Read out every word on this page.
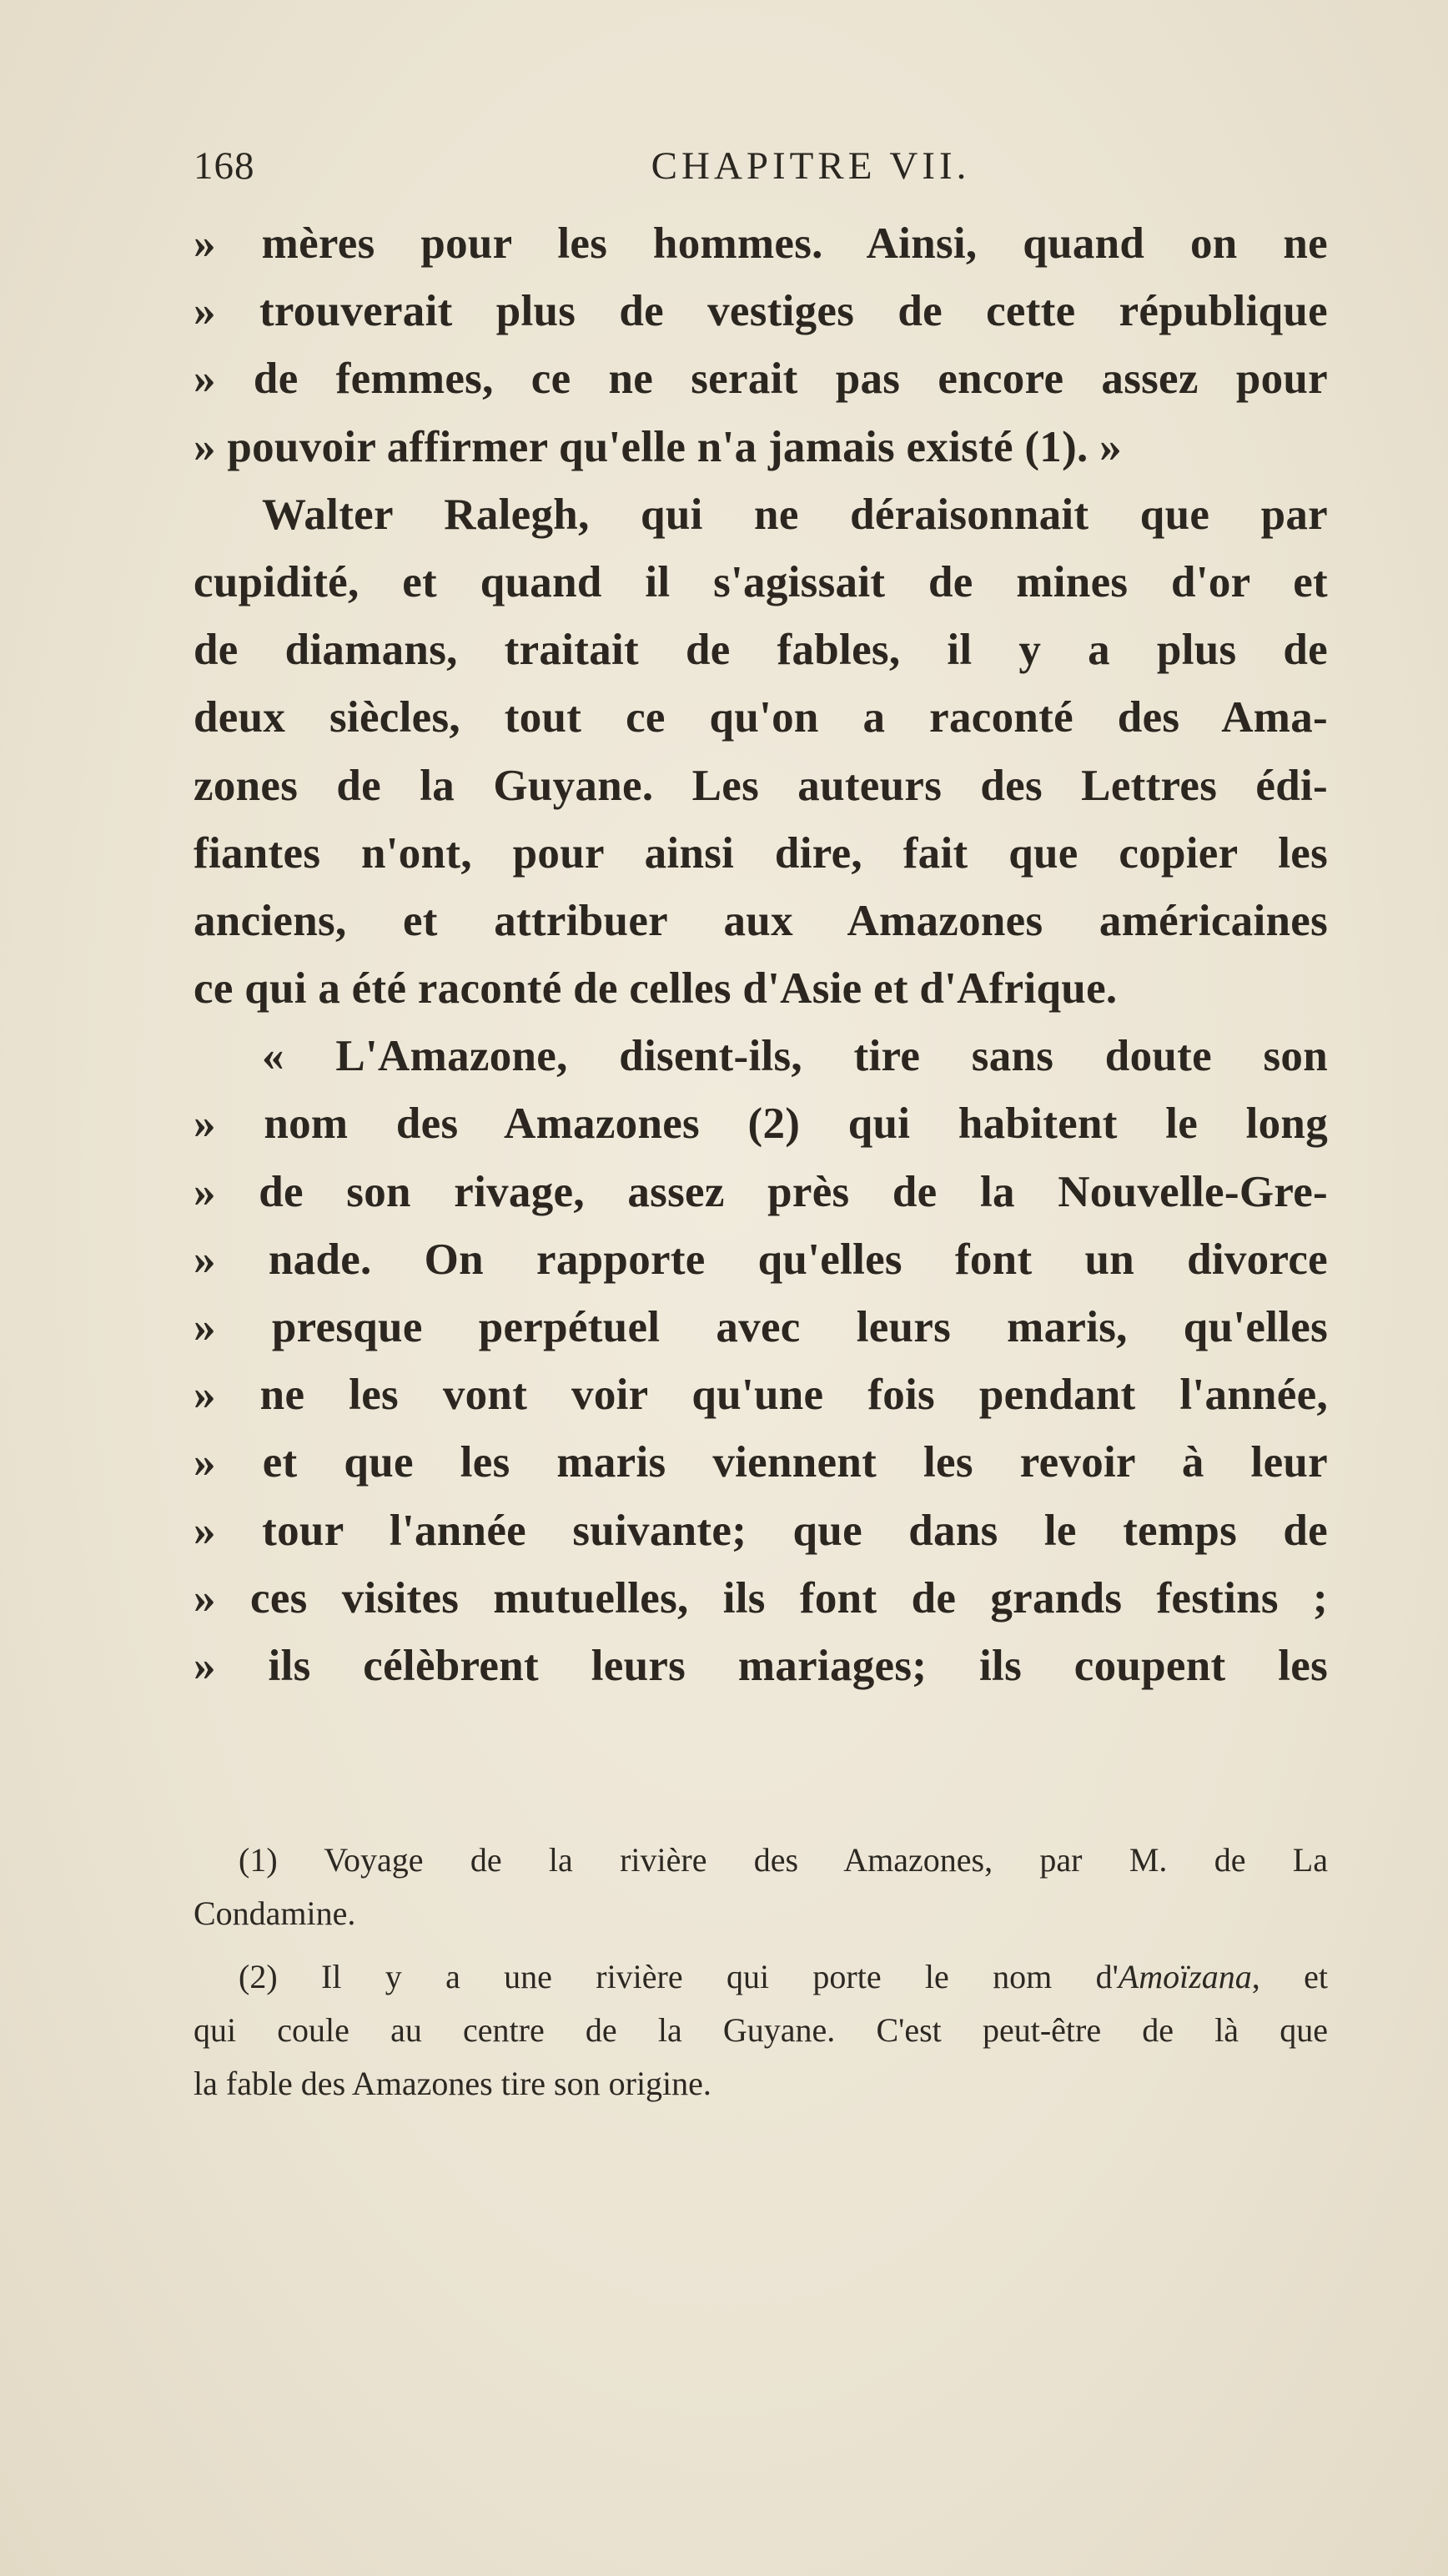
168	CHAPITRE VII.
» mères pour les hommes. Ainsi, quand on ne
» trouverait plus de vestiges de cette république
» de femmes, ce ne serait pas encore assez pour
» pouvoir affirmer qu'elle n'a jamais existé (1). »
Walter Ralegh, qui ne déraisonnait que par
cupidité, et quand il s'agissait de mines d'or et
de diamans, traitait de fables, il y a plus de
deux siècles, tout ce qu'on a raconté des Ama-
zones de la Guyane. Les auteurs des Lettres édi-
fiantes n'ont, pour ainsi dire, fait que copier les
anciens, et attribuer aux Amazones américaines
ce qui a été raconté de celles d'Asie et d'Afrique.
« L'Amazone, disent-ils, tire sans doute son
» nom des Amazones (2) qui habitent le long
» de son rivage, assez près de la Nouvelle-Gre-
» nade. On rapporte qu'elles font un divorce
» presque perpétuel avec leurs maris, qu'elles
» ne les vont voir qu'une fois pendant l'année,
» et que les maris viennent les revoir à leur
» tour l'année suivante; que dans le temps de
» ces visites mutuelles, ils font de grands festins ;
» ils célèbrent leurs mariages; ils coupent les
(1) Voyage de la rivière des Amazones, par M. de La
Condamine.
(2) Il y a une rivière qui porte le nom d'Amoïzana, et
qui coule au centre de la Guyane. C'est peut-être de là que
la fable des Amazones tire son origine.
